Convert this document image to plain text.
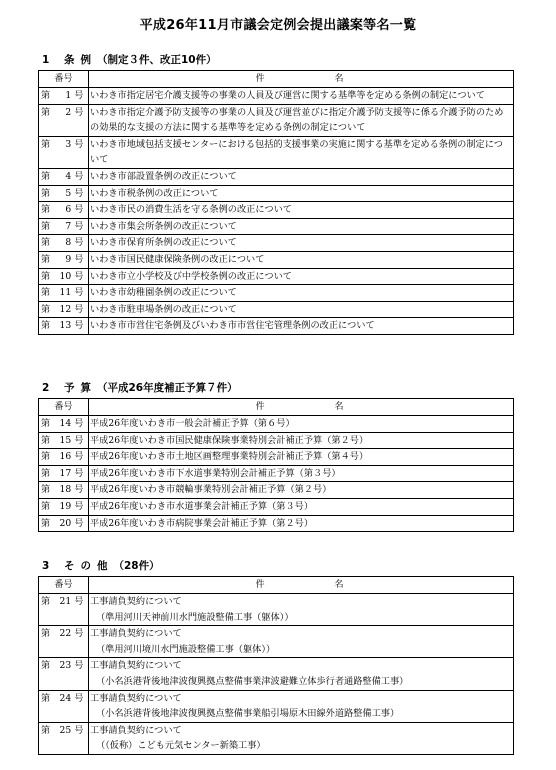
平成26年11月市議会定例会提出議案等名一覧
1 条例（制定３件、改正10件）
番号	件名
第 1 号	いわき市指定居宅介護支援等の事業の人員及び運営に関する基準等を定める条例の制定について
第 2 号	いわき市指定介護予防支援等の事業の人員及び運営並びに指定介護予防支援等に係る介護予防のための効果的な支援の方法に関する基準等を定める条例の制定について
第 3 号	いわき市地域包括支援センターにおける包括的支援事業の実施に関する基準を定める条例の制定について
第 4 号	いわき市部設置条例の改正について
第 5 号	いわき市税条例の改正について
第 6 号	いわき市民の消費生活を守る条例の改正について
第 7 号	いわき市集会所条例の改正について
第 8 号	いわき市保育所条例の改正について
第 9 号	いわき市国民健康保険条例の改正について
第 10 号	いわき市立小学校及び中学校条例の改正について
第 11 号	いわき市幼稚園条例の改正について
第 12 号	いわき市駐車場条例の改正について
第 13 号	いわき市市営住宅条例及びいわき市市営住宅管理条例の改正について
2 予算（平成26年度補正予算７件）
番号	件名
第 14 号	平成26年度いわき市一般会計補正予算（第６号）
第 15 号	平成26年度いわき市国民健康保険事業特別会計補正予算（第２号）
第 16 号	平成26年度いわき市土地区画整理事業特別会計補正予算（第４号）
第 17 号	平成26年度いわき市下水道事業特別会計補正予算（第３号）
第 18 号	平成26年度いわき市競輪事業特別会計補正予算（第２号）
第 19 号	平成26年度いわき市水道事業会計補正予算（第３号）
第 20 号	平成26年度いわき市病院事業会計補正予算（第２号）
3 その他（28件）
番号	件名
第 21 号	工事請負契約について
（準用河川天神前川水門施設整備工事（躯体））

第 22 号	工事請負契約について
（準用河川境川水門施設整備工事（躯体））

第 23 号	工事請負契約について
（小名浜港背後地津波復興拠点整備事業津波避難立体歩行者通路整備工事）

第 24 号	工事請負契約について
（小名浜港背後地津波復興拠点整備事業船引場原木田線外道路整備工事）

第 25 号	工事請負契約について
（（仮称）こども元気センター新築工事）
